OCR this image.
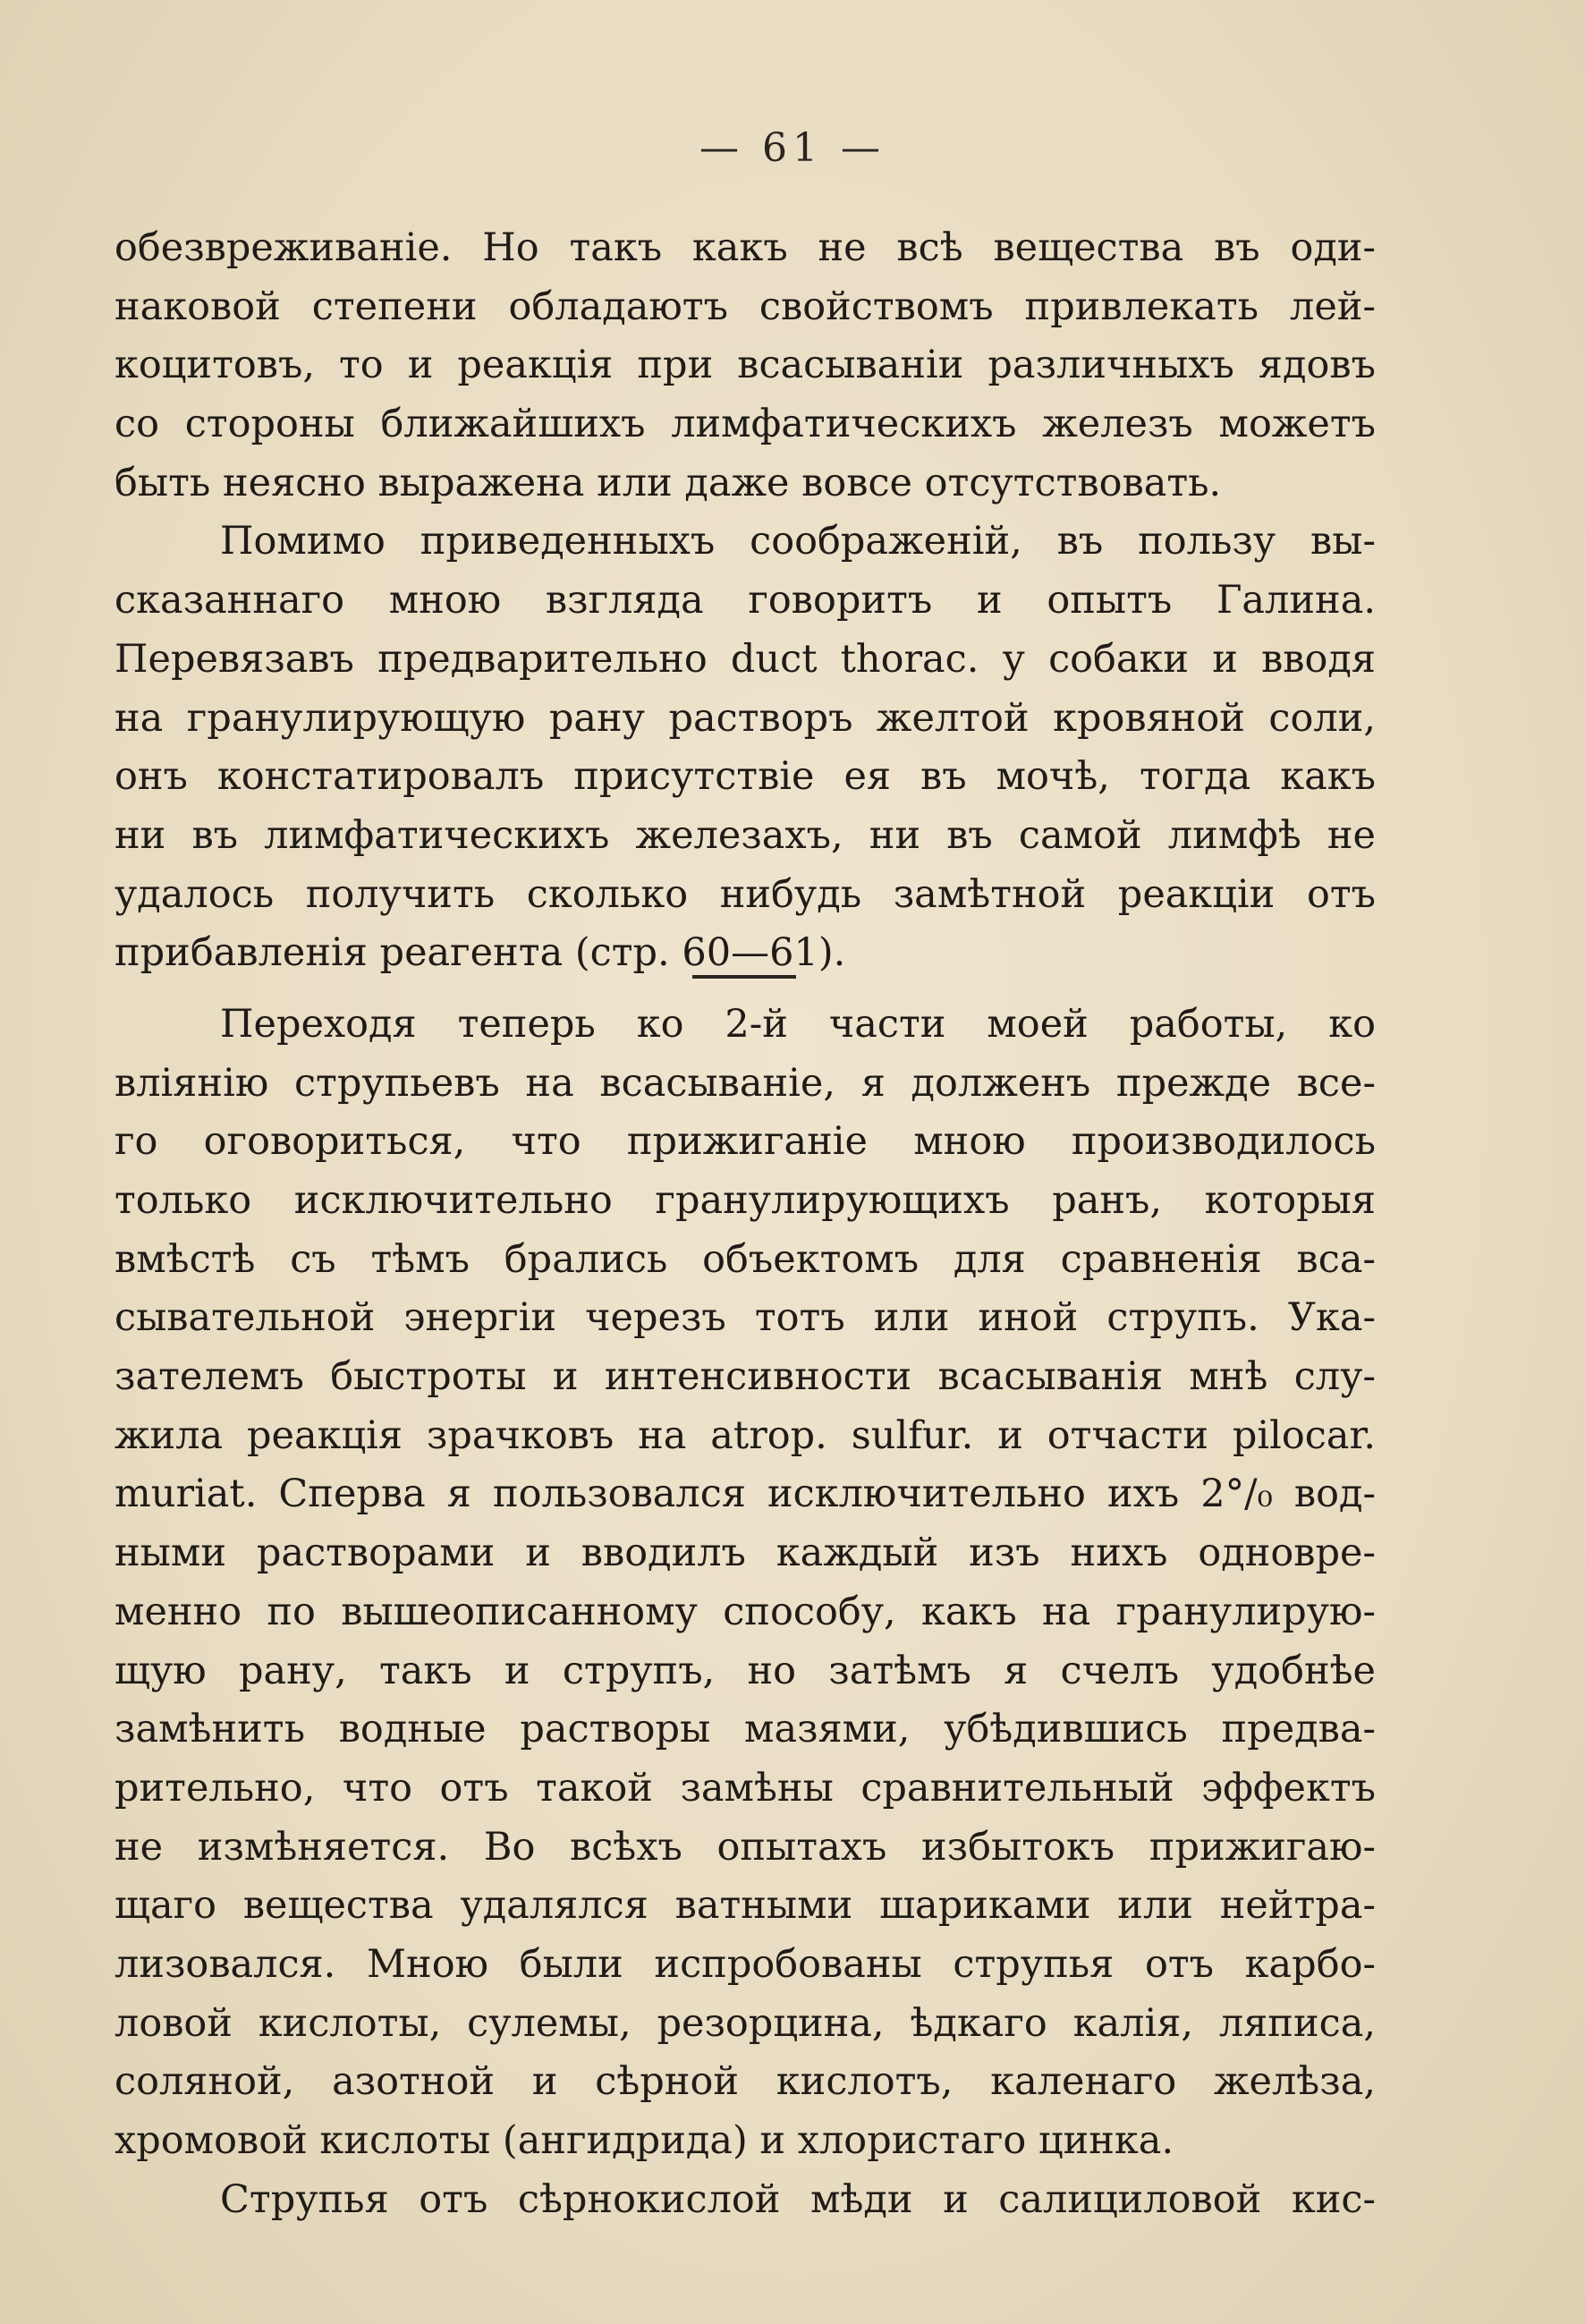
— 61 —
обезвреживанiе. Но такъ какъ не всѣ вещества въ оди-
наковой степени обладаютъ свойствомъ привлекать лей-
коцитовъ, то и реакцiя при всасыванiи различныхъ ядовъ
со стороны ближайшихъ лимфатическихъ железъ можетъ
быть неясно выражена или даже вовсе отсутствовать.
Помимо приведенныхъ соображенiй, въ пользу вы-
сказаннаго мною взгляда говоритъ и опытъ Галина.
Перевязавъ предварительно duct thorac. у собаки и вводя
на гранулирующую рану растворъ желтой кровяной соли,
онъ констатировалъ присутствiе ея въ мочѣ, тогда какъ
ни въ лимфатическихъ железахъ, ни въ самой лимфѣ не
удалось получить сколько нибудь замѣтной реакцiи отъ
прибавленiя реагента (стр. 60—61).
Переходя теперь ко 2-й части моей работы, ко
влiянiю струпьевъ на всасыванiе, я долженъ прежде все-
го оговориться, что прижиганiе мною производилось
только исключительно гранулирующихъ ранъ, которыя
вмѣстѣ съ тѣмъ брались объектомъ для сравненiя вса-
сывательной энергiи черезъ тотъ или иной струпъ. Ука-
зателемъ быстроты и интенсивности всасыванiя мнѣ слу-
жила реакцiя зрачковъ на atrop. sulfur. и отчасти pilocar.
muriat. Сперва я пользовался исключительно ихъ 2°/₀ вод-
ными растворами и вводилъ каждый изъ нихъ одновре-
менно по вышеописанному способу, какъ на гранулирую-
щую рану, такъ и струпъ, но затѣмъ я счелъ удобнѣе
замѣнить водные растворы мазями, убѣдившись предва-
рительно, что отъ такой замѣны сравнительный эффектъ
не измѣняется. Во всѣхъ опытахъ избытокъ прижигаю-
щаго вещества удалялся ватными шариками или нейтра-
лизовался. Мною были испробованы струпья отъ карбо-
ловой кислоты, сулемы, резорцина, ѣдкаго калiя, ляписа,
соляной, азотной и сѣрной кислотъ, каленаго желѣза,
хромовой кислоты (ангидрида) и хлористаго цинка.
Струпья отъ сѣрнокислой мѣди и салициловой кис-
